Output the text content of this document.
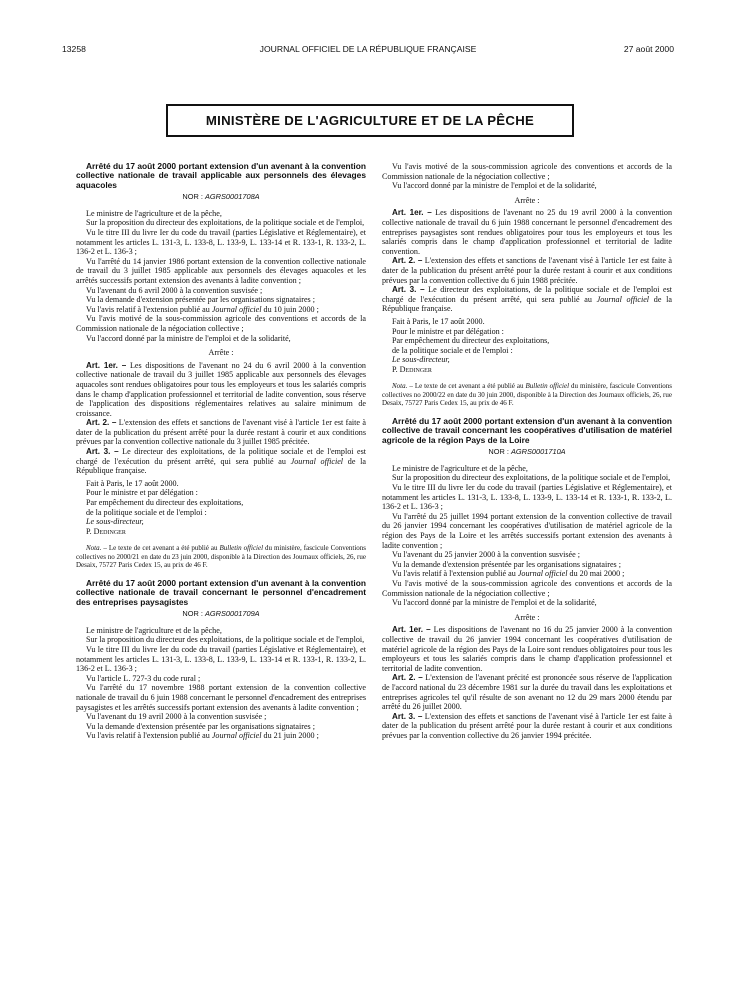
13258	JOURNAL OFFICIEL DE LA RÉPUBLIQUE FRANÇAISE	27 août 2000
MINISTÈRE DE L'AGRICULTURE ET DE LA PÊCHE

Arrêté du 17 août 2000 portant extension d'un avenant à la convention collective nationale de travail applicable aux personnels des élevages aquacoles

NOR : AGRS0001708A

Le ministre de l'agriculture et de la pêche,

Sur la proposition du directeur des exploitations, de la politique sociale et de l'emploi,

Vu le titre III du livre Ier du code du travail (parties Législative et Réglementaire), et notamment les articles L. 131-3, L. 133-8, L. 133-9, L. 133-14 et R. 133-1, R. 133-2, L. 136-2 et L. 136-3 ;

Vu l'arrêté du 14 janvier 1986 portant extension de la convention collective nationale de travail du 3 juillet 1985 applicable aux personnels des élevages aquacoles et les arrêtés successifs portant extension des avenants à ladite convention ;

Vu l'avenant du 6 avril 2000 à la convention susvisée ;

Vu la demande d'extension présentée par les organisations signataires ;

Vu l'avis relatif à l'extension publié au Journal officiel du 10 juin 2000 ;

Vu l'avis motivé de la sous-commission agricole des conventions et accords de la Commission nationale de la négociation collective ;

Vu l'accord donné par la ministre de l'emploi et de la solidarité,

Arrête :

Art. 1er. – Les dispositions de l'avenant no 24 du 6 avril 2000 à la convention collective nationale de travail du 3 juillet 1985 applicable aux personnels des élevages aquacoles sont rendues obligatoires pour tous les employeurs et tous les salariés compris dans le champ d'application professionnel et territorial de ladite convention, sous réserve de l'application des dispositions réglementaires relatives au salaire minimum de croissance.

Art. 2. – L'extension des effets et sanctions de l'avenant visé à l'article 1er est faite à dater de la publication du présent arrêté pour la durée restant à courir et aux conditions prévues par la convention collective nationale du 3 juillet 1985 précitée.

Art. 3. – Le directeur des exploitations, de la politique sociale et de l'emploi est chargé de l'exécution du présent arrêté, qui sera publié au Journal officiel de la République française.

Fait à Paris, le 17 août 2000.

Pour le ministre et par délégation :

Par empêchement du directeur des exploitations,

de la politique sociale et de l'emploi :

Le sous-directeur,

P. Dedinger

Nota. – Le texte de cet avenant a été publié au Bulletin officiel du ministère, fascicule Conventions collectives no 2000/21 en date du 23 juin 2000, disponible à la Direction des Journaux officiels, 26, rue Desaix, 75727 Paris Cedex 15, au prix de 46 F.

Arrêté du 17 août 2000 portant extension d'un avenant à la convention collective nationale de travail concernant le personnel d'encadrement des entreprises paysagistes

NOR : AGRS0001709A

Le ministre de l'agriculture et de la pêche,

Sur la proposition du directeur des exploitations, de la politique sociale et de l'emploi,

Vu le titre III du livre Ier du code du travail (parties Législative et Réglementaire), et notamment les articles L. 131-3, L. 133-8, L. 133-9, L. 133-14 et R. 133-1, R. 133-2, L. 136-2 et L. 136-3 ;

Vu l'article L. 727-3 du code rural ;

Vu l'arrêté du 17 novembre 1988 portant extension de la convention collective nationale de travail du 6 juin 1988 concernant le personnel d'encadrement des entreprises paysagistes et les arrêtés successifs portant extension des avenants à ladite convention ;

Vu l'avenant du 19 avril 2000 à la convention susvisée ;

Vu la demande d'extension présentée par les organisations signataires ;

Vu l'avis relatif à l'extension publié au Journal officiel du 21 juin 2000 ;

Vu l'avis motivé de la sous-commission agricole des conventions et accords de la Commission nationale de la négociation collective ;

Vu l'accord donné par la ministre de l'emploi et de la solidarité,

Arrête :

Art. 1er. – Les dispositions de l'avenant no 25 du 19 avril 2000 à la convention collective nationale de travail du 6 juin 1988 concernant le personnel d'encadrement des entreprises paysagistes sont rendues obligatoires pour tous les employeurs et tous les salariés compris dans le champ d'application professionnel et territorial de ladite convention.

Art. 2. – L'extension des effets et sanctions de l'avenant visé à l'article 1er est faite à dater de la publication du présent arrêté pour la durée restant à courir et aux conditions prévues par la convention collective du 6 juin 1988 précitée.

Art. 3. – Le directeur des exploitations, de la politique sociale et de l'emploi est chargé de l'exécution du présent arrêté, qui sera publié au Journal officiel de la République française.

Fait à Paris, le 17 août 2000.

Pour le ministre et par délégation :

Par empêchement du directeur des exploitations,

de la politique sociale et de l'emploi :

Le sous-directeur,

P. Dedinger

Nota. – Le texte de cet avenant a été publié au Bulletin officiel du ministère, fascicule Conventions collectives no 2000/22 en date du 30 juin 2000, disponible à la Direction des Journaux officiels, 26, rue Desaix, 75727 Paris Cedex 15, au prix de 46 F.

Arrêté du 17 août 2000 portant extension d'un avenant à la convention collective de travail concernant les coopératives d'utilisation de matériel agricole de la région Pays de la Loire

NOR : AGRS0001710A

Le ministre de l'agriculture et de la pêche,

Sur la proposition du directeur des exploitations, de la politique sociale et de l'emploi,

Vu le titre III du livre Ier du code du travail (parties Législative et Réglementaire), et notamment les articles L. 131-3, L. 133-8, L. 133-9, L. 133-14 et R. 133-1, R. 133-2, L. 136-2 et L. 136-3 ;

Vu l'arrêté du 25 juillet 1994 portant extension de la convention collective de travail du 26 janvier 1994 concernant les coopératives d'utilisation de matériel agricole de la région des Pays de la Loire et les arrêtés successifs portant extension des avenants à ladite convention ;

Vu l'avenant du 25 janvier 2000 à la convention susvisée ;

Vu la demande d'extension présentée par les organisations signataires ;

Vu l'avis relatif à l'extension publié au Journal officiel du 20 mai 2000 ;

Vu l'avis motivé de la sous-commission agricole des conventions et accords de la Commission nationale de la négociation collective ;

Vu l'accord donné par la ministre de l'emploi et de la solidarité,

Arrête :

Art. 1er. – Les dispositions de l'avenant no 16 du 25 janvier 2000 à la convention collective de travail du 26 janvier 1994 concernant les coopératives d'utilisation de matériel agricole de la région des Pays de la Loire sont rendues obligatoires pour tous les employeurs et tous les salariés compris dans le champ d'application professionnel et territorial de ladite convention.

Art. 2. – L'extension de l'avenant précité est prononcée sous réserve de l'application de l'accord national du 23 décembre 1981 sur la durée du travail dans les exploitations et entreprises agricoles tel qu'il résulte de son avenant no 12 du 29 mars 2000 étendu par arrêté du 26 juillet 2000.

Art. 3. – L'extension des effets et sanctions de l'avenant visé à l'article 1er est faite à dater de la publication du présent arrêté pour la durée restant à courir et aux conditions prévues par la convention collective du 26 janvier 1994 précitée.
